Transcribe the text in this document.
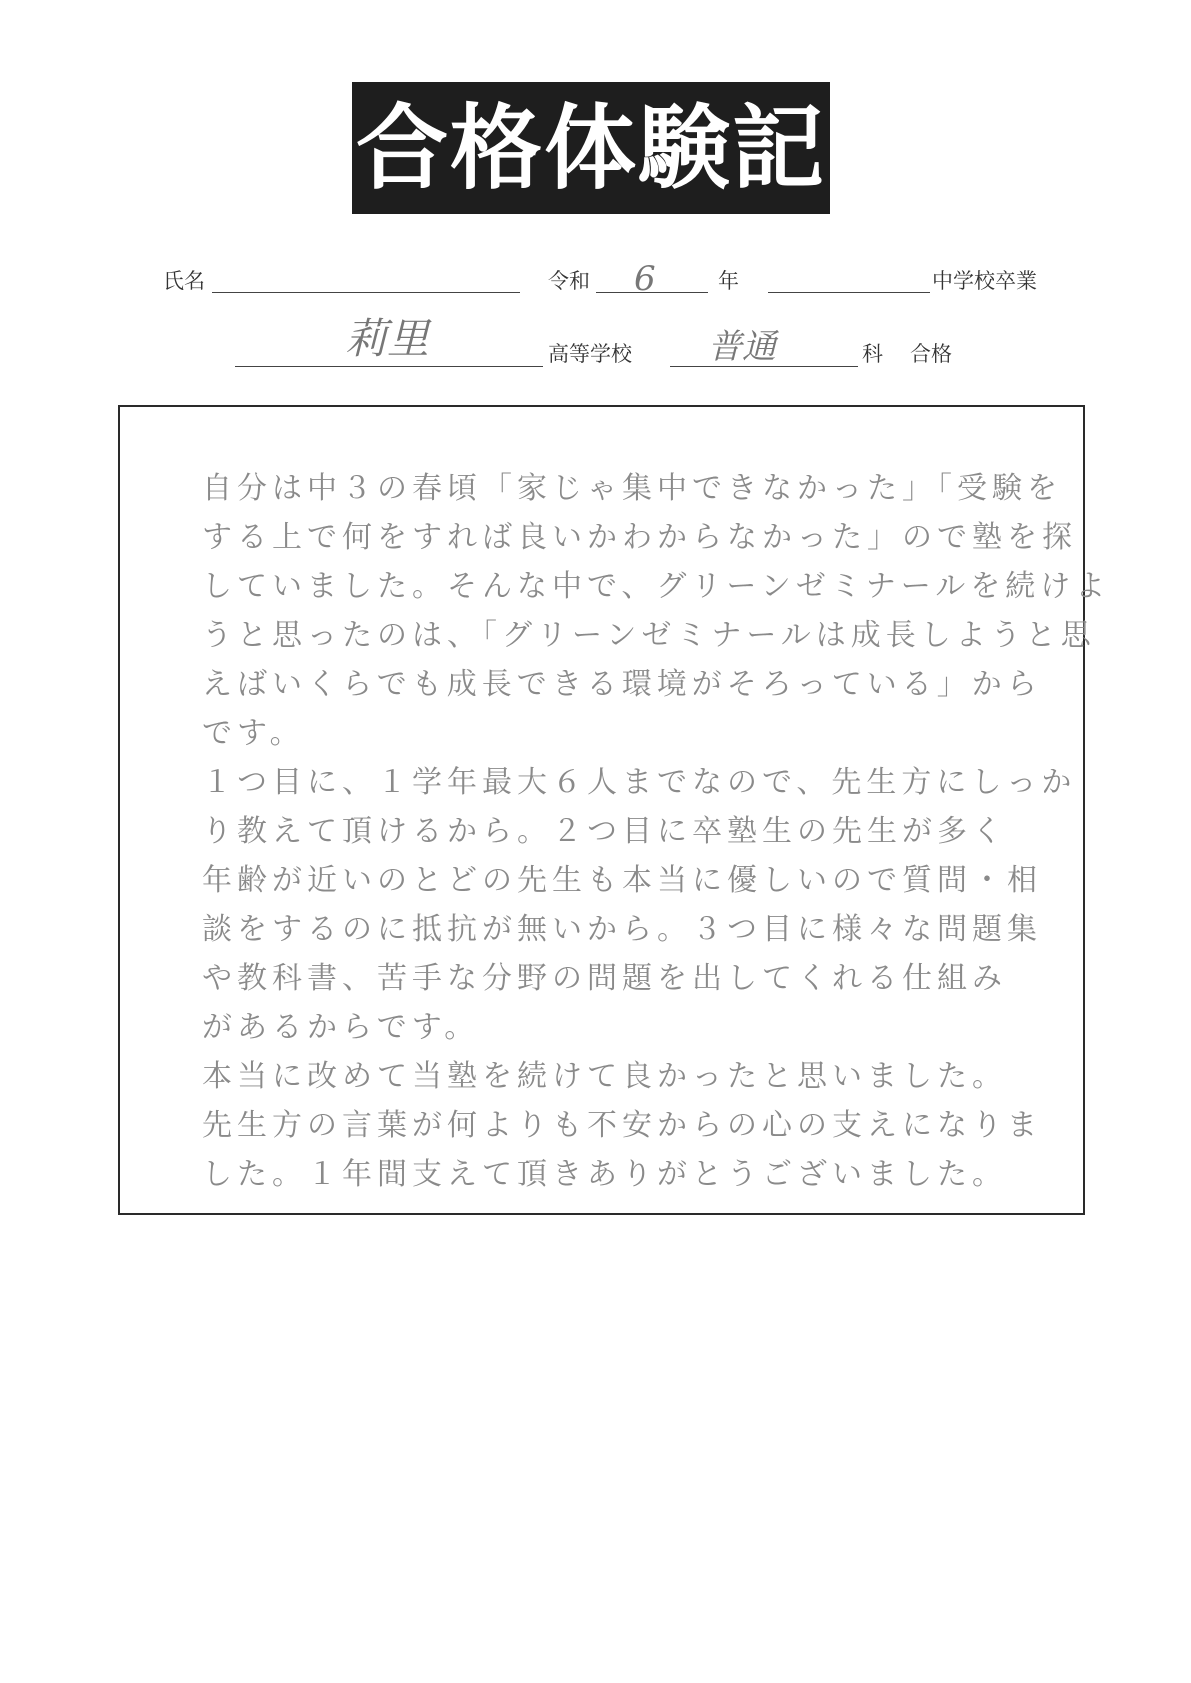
合格体験記
氏名	令和 6	年	中学校卒業
莉里	高等学校 普通	科 合格
自分は中３の春頃「家じゃ集中できなかった」「受験を
する上で何をすれば良いかわからなかった」ので塾を探
していました。そんな中で、グリーンゼミナールを続けよ
うと思ったのは、「グリーンゼミナールは成長しようと思
えばいくらでも成長できる環境がそろっている」から
です。
１つ目に、１学年最大６人までなので、先生方にしっか
り教えて頂けるから。２つ目に卒塾生の先生が多く
年齢が近いのとどの先生も本当に優しいので質問・相
談をするのに抵抗が無いから。３つ目に様々な問題集
や教科書、苦手な分野の問題を出してくれる仕組み
があるからです。
本当に改めて当塾を続けて良かったと思いました。
先生方の言葉が何よりも不安からの心の支えになりま
した。１年間支えて頂きありがとうございました。
